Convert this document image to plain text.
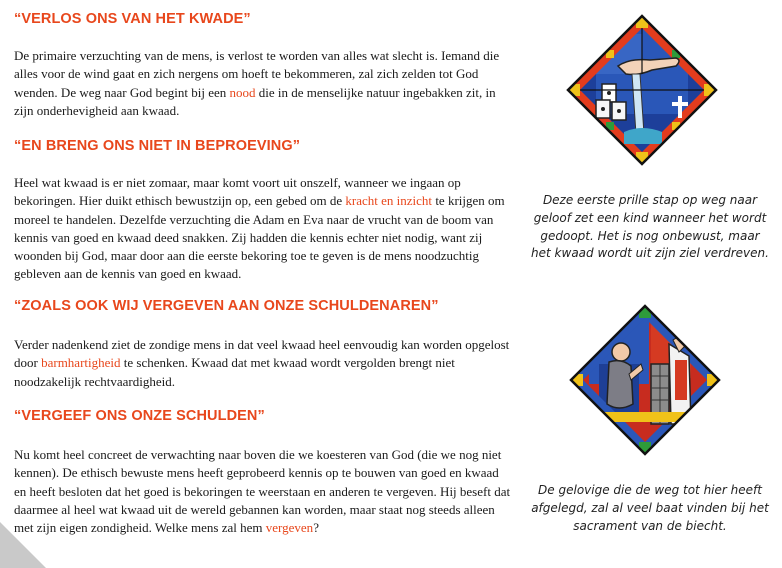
“VERLOS ONS VAN HET KWADE”

De primaire verzuchting van de mens, is verlost te worden van alles wat slecht is. Iemand die alles voor de wind gaat en zich nergens om hoeft te bekommeren, zal zich zelden tot God wenden. De weg naar God begint bij een nood die in de menselijke natuur ingebakken zit, in zijn onderhevigheid aan kwaad.

“EN BRENG ONS NIET IN BEPROEVING”

Heel wat kwaad is er niet zomaar, maar komt voort uit onszelf, wanneer we ingaan op bekoringen. Hier duikt ethisch bewustzijn op, een gebed om de kracht en inzicht te krijgen om moreel te handelen. Dezelfde verzuchting die Adam en Eva naar de vrucht van de boom van kennis van goed en kwaad deed snakken. Zij hadden die kennis echter niet nodig, want zij woonden bij God, maar door aan die eerste bekoring toe te geven is de mens noodzuchtig gebleven aan de kennis van goed en kwaad.

“ZOALS OOK WIJ VERGEVEN AAN ONZE SCHULDENAREN”

Verder nadenkend ziet de zondige mens in dat veel kwaad heel eenvoudig kan worden opgelost door barmhartigheid te schenken. Kwaad dat met kwaad wordt vergolden brengt niet noodzakelijk rechtvaardigheid.

“VERGEEF ONS ONZE SCHULDEN”

Nu komt heel concreet de verwachting naar boven die we koesteren van God (die we nog niet kennen). De ethisch bewuste mens heeft geprobeerd kennis op te bouwen van goed en kwaad en heeft besloten dat het goed is bekoringen te weerstaan en anderen te vergeven. Hij beseft dat daarmee al heel wat kwaad uit de wereld gebannen kan worden, maar staat nog steeds alleen met zijn eigen zondigheid. Welke mens zal hem vergeven?

Deze eerste prille stap op weg naar geloof zet een kind wanneer het wordt gedoopt. Het is nog onbewust, maar het kwaad wordt uit zijn ziel verdreven.
De gelovige die de weg tot hier heeft afgelegd, zal al veel baat vinden bij het sacrament van de biecht.
